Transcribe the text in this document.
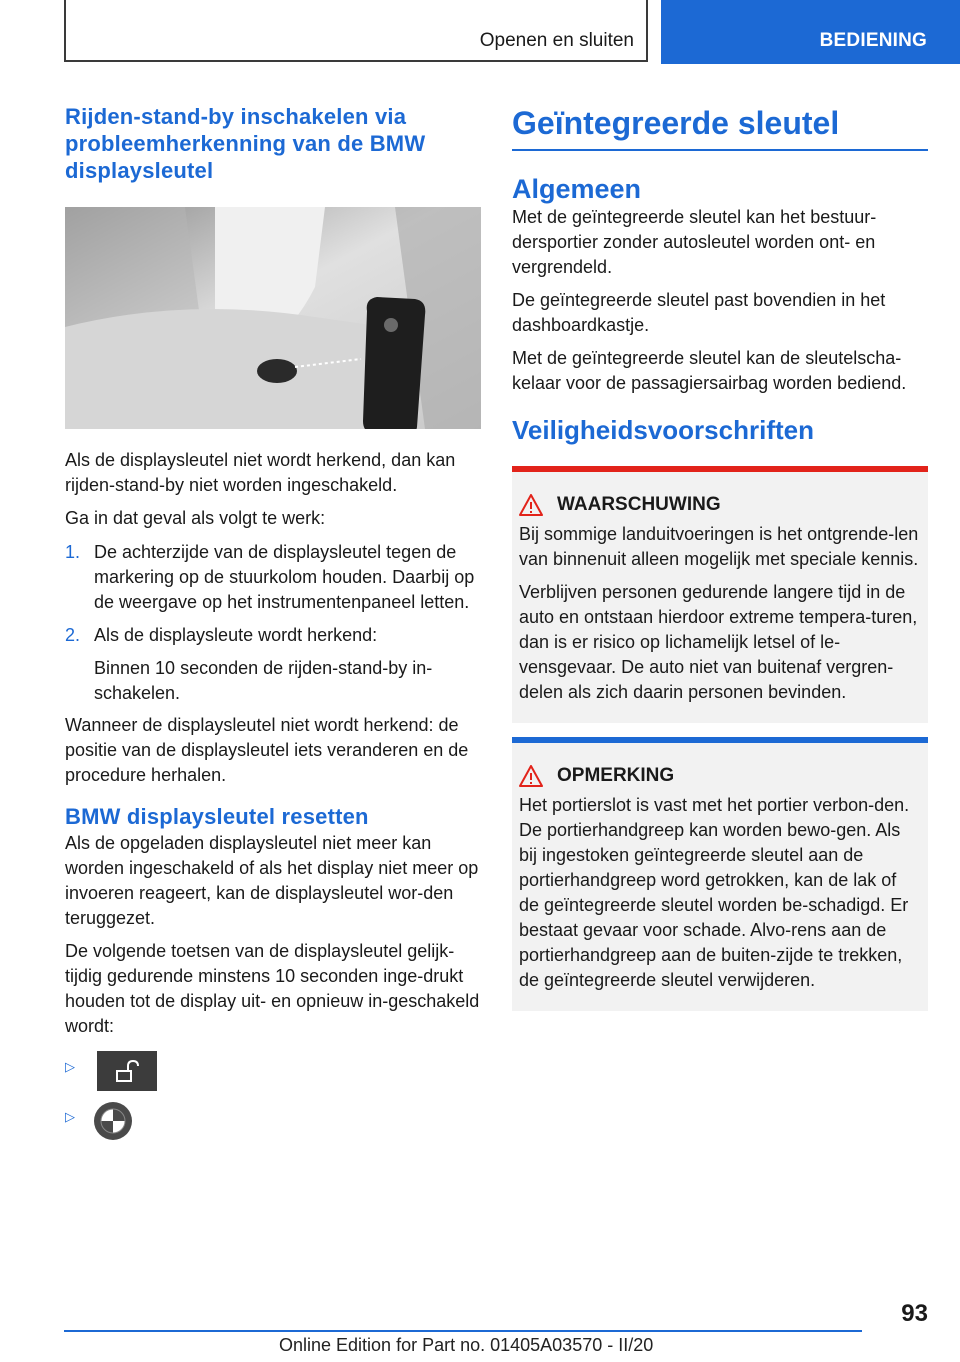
Openen en sluiten	BEDIENING
Rijden-stand-by inschakelen via probleemherkenning van de BMW displaysleutel

Als de displaysleutel niet wordt herkend, dan kan rijden-stand-by niet worden ingeschakeld.

Ga in dat geval als volgt te werk:

1. De achterzijde van de displaysleutel tegen de markering op de stuurkolom houden. Daarbij op de weergave op het instrumentenpaneel letten.
2. Als de displaysleute wordt herkend:
Binnen 10 seconden de rijden-stand-by in-schakelen.

Wanneer de displaysleutel niet wordt herkend: de positie van de displaysleutel iets veranderen en de procedure herhalen.

BMW displaysleutel resetten

Als de opgeladen displaysleutel niet meer kan worden ingeschakeld of als het display niet meer op invoeren reageert, kan de displaysleutel wor-den teruggezet.

De volgende toetsen van de displaysleutel gelijk-tijdig gedurende minstens 10 seconden inge-drukt houden tot de display uit- en opnieuw in-geschakeld wordt:

▷
▷
Geïntegreerde sleutel
Algemeen

Met de geïntegreerde sleutel kan het bestuur-dersportier zonder autosleutel worden ont- en vergrendeld.

De geïntegreerde sleutel past bovendien in het dashboardkastje.

Met de geïntegreerde sleutel kan de sleutelscha-kelaar voor de passagiersairbag worden bediend.

Veiligheidsvoorschriften
WAARSCHUWING

Bij sommige landuitvoeringen is het ontgrende-len van binnenuit alleen mogelijk met speciale kennis.

Verblijven personen gedurende langere tijd in de auto en ontstaan hierdoor extreme tempera-turen, dan is er risico op lichamelijk letsel of le-vensgevaar. De auto niet van buitenaf vergren-delen als zich daarin personen bevinden.

OPMERKING

Het portierslot is vast met het portier verbon-den. De portierhandgreep kan worden bewo-gen. Als bij ingestoken geïntegreerde sleutel aan de portierhandgreep word getrokken, kan de lak of de geïntegreerde sleutel worden be-schadigd. Er bestaat gevaar voor schade. Alvo-rens aan de portierhandgreep aan de buiten-zijde te trekken, de geïntegreerde sleutel verwijderen.

93
Online Edition for Part no. 01405A03570 - II/20
